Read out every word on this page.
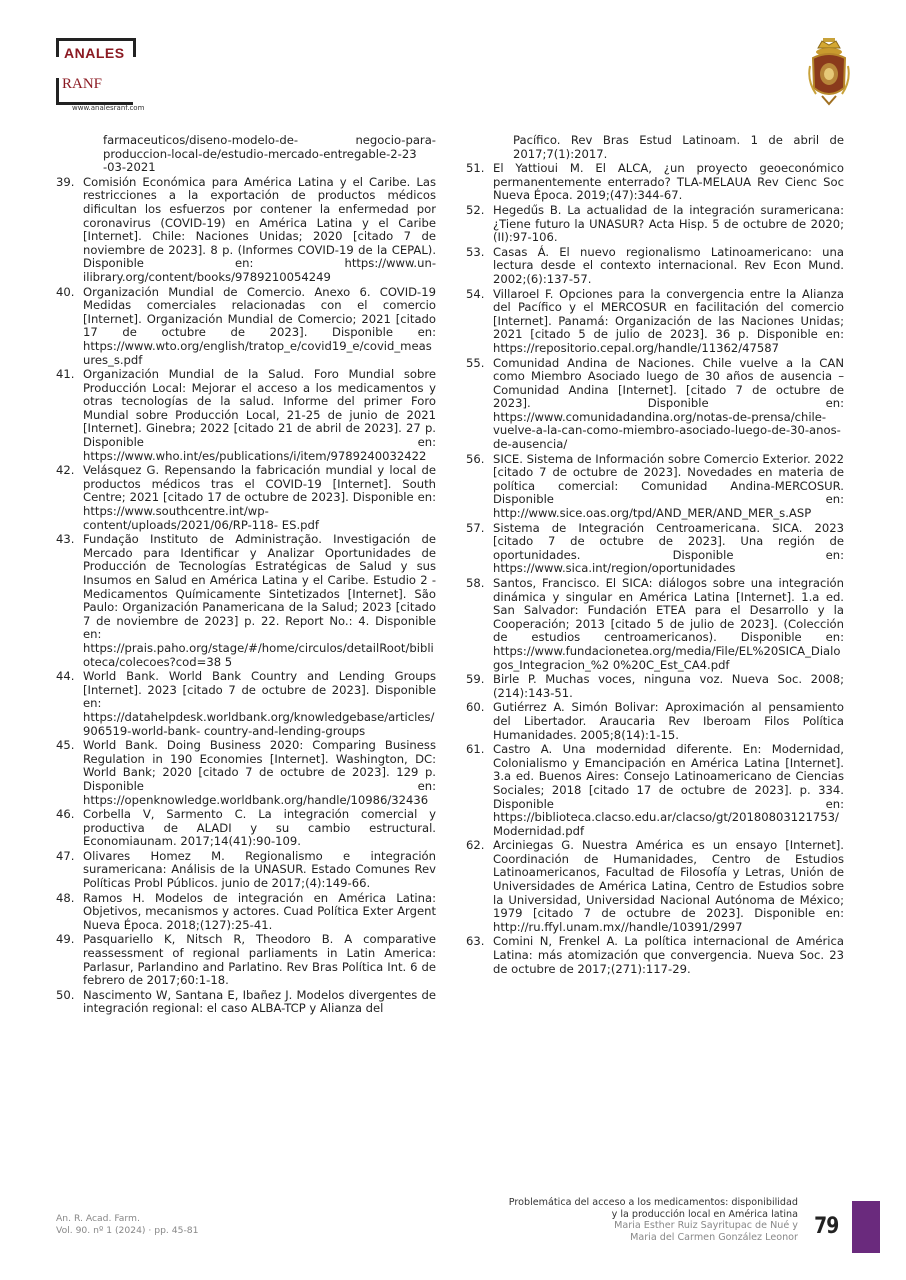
ANALES
RANF
www.analesranf.com
farmaceuticos/diseno-modelo-de- negocio-para-produccion-local-de/estudio-mercado-entregable-2-23 -03-2021
39. Comisión Económica para América Latina y el Caribe. Las restricciones a la exportación de productos médicos dificultan los esfuerzos por contener la enfermedad por coronavirus (COVID-19) en América Latina y el Caribe [Internet]. Chile: Naciones Unidas; 2020 [citado 7 de noviembre de 2023]. 8 p. (Informes COVID-19 de la CEPAL). Disponible en: https://www.un-ilibrary.org/content/books/9789210054249
40. Organización Mundial de Comercio. Anexo 6. COVID-19 Medidas comerciales relacionadas con el comercio [Internet]. Organización Mundial de Comercio; 2021 [citado 17 de octubre de 2023]. Disponible en: https://www.wto.org/english/tratop_e/covid19_e/covid_measures_s.pdf
41. Organización Mundial de la Salud. Foro Mundial sobre Producción Local: Mejorar el acceso a los medicamentos y otras tecnologías de la salud. Informe del primer Foro Mundial sobre Producción Local, 21-25 de junio de 2021 [Internet]. Ginebra; 2022 [citado 21 de abril de 2023]. 27 p. Disponible en: https://www.who.int/es/publications/i/item/9789240032422
42. Velásquez G. Repensando la fabricación mundial y local de productos médicos tras el COVID-19 [Internet]. South Centre; 2021 [citado 17 de octubre de 2023]. Disponible en: https://www.southcentre.int/wp-content/uploads/2021/06/RP-118- ES.pdf
43. Fundação Instituto de Administração. Investigación de Mercado para Identificar y Analizar Oportunidades de Producción de Tecnologías Estratégicas de Salud y sus Insumos en Salud en América Latina y el Caribe. Estudio 2 - Medicamentos Químicamente Sintetizados [Internet]. São Paulo: Organización Panamericana de la Salud; 2023 [citado 7 de noviembre de 2023] p. 22. Report No.: 4. Disponible en: https://prais.paho.org/stage/#/home/circulos/detailRoot/biblioteca/colecoes?cod=38 5
44. World Bank. World Bank Country and Lending Groups [Internet]. 2023 [citado 7 de octubre de 2023]. Disponible en: https://datahelpdesk.worldbank.org/knowledgebase/articles/906519-world-bank- country-and-lending-groups
45. World Bank. Doing Business 2020: Comparing Business Regulation in 190 Economies [Internet]. Washington, DC: World Bank; 2020 [citado 7 de octubre de 2023]. 129 p. Disponible en: https://openknowledge.worldbank.org/handle/10986/32436
46. Corbella V, Sarmento C. La integración comercial y productiva de ALADI y su cambio estructural. Economiaunam. 2017;14(41):90-109.
47. Olivares Homez M. Regionalismo e integración suramericana: Análisis de la UNASUR. Estado Comunes Rev Políticas Probl Públicos. junio de 2017;(4):149-66.
48. Ramos H. Modelos de integración en América Latina: Objetivos, mecanismos y actores. Cuad Política Exter Argent Nueva Época. 2018;(127):25-41.
49. Pasquariello K, Nitsch R, Theodoro B. A comparative reassessment of regional parliaments in Latin America: Parlasur, Parlandino and Parlatino. Rev Bras Política Int. 6 de febrero de 2017;60:1-18.
50. Nascimento W, Santana E, Ibañez J. Modelos divergentes de integración regional: el caso ALBA-TCP y Alianza del
Pacífico. Rev Bras Estud Latinoam. 1 de abril de 2017;7(1):2017.
51. El Yattioui M. El ALCA, ¿un proyecto geoeconómico permanentemente enterrado? TLA-MELAUA Rev Cienc Soc Nueva Época. 2019;(47):344-67.
52. Hegedűs B. La actualidad de la integración suramericana: ¿Tiene futuro la UNASUR? Acta Hisp. 5 de octubre de 2020;(II):97-106.
53. Casas Á. El nuevo regionalismo Latinoamericano: una lectura desde el contexto internacional. Rev Econ Mund. 2002;(6):137-57.
54. Villaroel F. Opciones para la convergencia entre la Alianza del Pacífico y el MERCOSUR en facilitación del comercio [Internet]. Panamá: Organización de las Naciones Unidas; 2021 [citado 5 de julio de 2023]. 36 p. Disponible en: https://repositorio.cepal.org/handle/11362/47587
55. Comunidad Andina de Naciones. Chile vuelve a la CAN como Miembro Asociado luego de 30 años de ausencia – Comunidad Andina [Internet]. [citado 7 de octubre de 2023]. Disponible en: https://www.comunidadandina.org/notas-de-prensa/chile-vuelve-a-la-can-como-miembro-asociado-luego-de-30-anos-de-ausencia/
56. SICE. Sistema de Información sobre Comercio Exterior. 2022 [citado 7 de octubre de 2023]. Novedades en materia de política comercial: Comunidad Andina-MERCOSUR. Disponible en: http://www.sice.oas.org/tpd/AND_MER/AND_MER_s.ASP
57. Sistema de Integración Centroamericana. SICA. 2023 [citado 7 de octubre de 2023]. Una región de oportunidades. Disponible en: https://www.sica.int/region/oportunidades
58. Santos, Francisco. El SICA: diálogos sobre una integración dinámica y singular en América Latina [Internet]. 1.a ed. San Salvador: Fundación ETEA para el Desarrollo y la Cooperación; 2013 [citado 5 de julio de 2023]. (Colección de estudios centroamericanos). Disponible en: https://www.fundacionetea.org/media/File/EL%20SICA_Dialogos_Integracion_%2 0%20C_Est_CA4.pdf
59. Birle P. Muchas voces, ninguna voz. Nueva Soc. 2008;(214):143-51.
60. Gutiérrez A. Simón Bolivar: Aproximación al pensamiento del Libertador. Araucaria Rev Iberoam Filos Política Humanidades. 2005;8(14):1-15.
61. Castro A. Una modernidad diferente. En: Modernidad, Colonialismo y Emancipación en América Latina [Internet]. 3.a ed. Buenos Aires: Consejo Latinoamericano de Ciencias Sociales; 2018 [citado 17 de octubre de 2023]. p. 334. Disponible en: https://biblioteca.clacso.edu.ar/clacso/gt/20180803121753/Modernidad.pdf
62. Arciniegas G. Nuestra América es un ensayo [Internet]. Coordinación de Humanidades, Centro de Estudios Latinoamericanos, Facultad de Filosofía y Letras, Unión de Universidades de América Latina, Centro de Estudios sobre la Universidad, Universidad Nacional Autónoma de México; 1979 [citado 7 de octubre de 2023]. Disponible en: http://ru.ffyl.unam.mx//handle/10391/2997
63. Comini N, Frenkel A. La política internacional de América Latina: más atomización que convergencia. Nueva Soc. 23 de octubre de 2017;(271):117-29.
An. R. Acad. Farm.
Vol. 90. nº 1 (2024) · pp. 45-81
Problemática del acceso a los medicamentos: disponibilidad
y la producción local en América latina
Maria Esther Ruiz Sayritupac de Nué y
Maria del Carmen González Leonor 79
